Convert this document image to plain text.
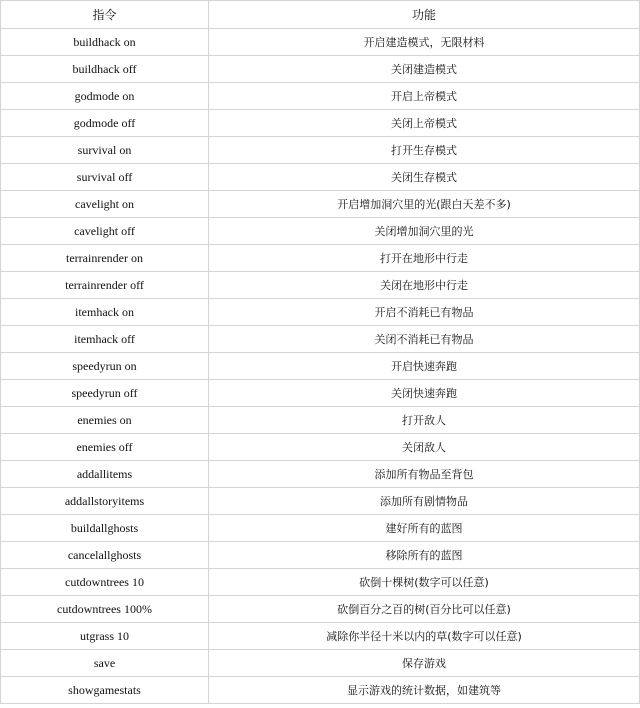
指令	功能
buildhack on	开启建造模式，无限材料
buildhack off	关闭建造模式
godmode on	开启上帝模式
godmode off	关闭上帝模式
survival on	打开生存模式
survival off	关闭生存模式
cavelight on	开启增加洞穴里的光(跟白天差不多)
cavelight off	关闭增加洞穴里的光
terrainrender on	打开在地形中行走
terrainrender off	关闭在地形中行走
itemhack on	开启不消耗已有物品
itemhack off	关闭不消耗已有物品
speedyrun on	开启快速奔跑
speedyrun off	关闭快速奔跑
enemies on	打开敌人
enemies off	关闭敌人
addallitems	添加所有物品至背包
addallstoryitems	添加所有剧情物品
buildallghosts	建好所有的蓝图
cancelallghosts	移除所有的蓝图
cutdowntrees 10	砍倒十棵树(数字可以任意)
cutdowntrees 100%	砍倒百分之百的树(百分比可以任意)
utgrass 10	减除你半径十米以内的草(数字可以任意)
save	保存游戏
showgamestats	显示游戏的统计数据，如建筑等
